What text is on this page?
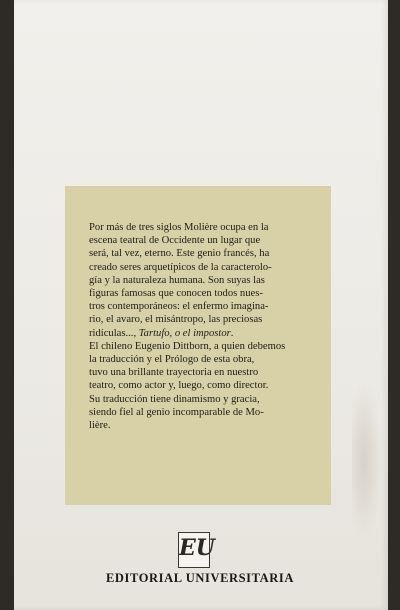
Por más de tres siglos Molière ocupa en la
escena teatral de Occidente un lugar que
será, tal vez, eterno. Este genio francés, ha
creado seres arquetípicos de la caracterolo-
gía y la naturaleza humana. Son suyas las
figuras famosas que conocen todos nues-
tros contemporáneos: el enfermo imagina-
rio, el avaro, el misántropo, las preciosas
ridículas..., Tartufo, o el impostor.

El chileno Eugenio Dittborn, a quien debemos
la traducción y el Prólogo de esta obra,
tuvo una brillante trayectoria en nuestro
teatro, como actor y, luego, como director.
Su traducción tiene dinamismo y gracia,
siendo fiel al genio incomparable de Mo-
lière.

EU
EDITORIAL UNIVERSITARIA
